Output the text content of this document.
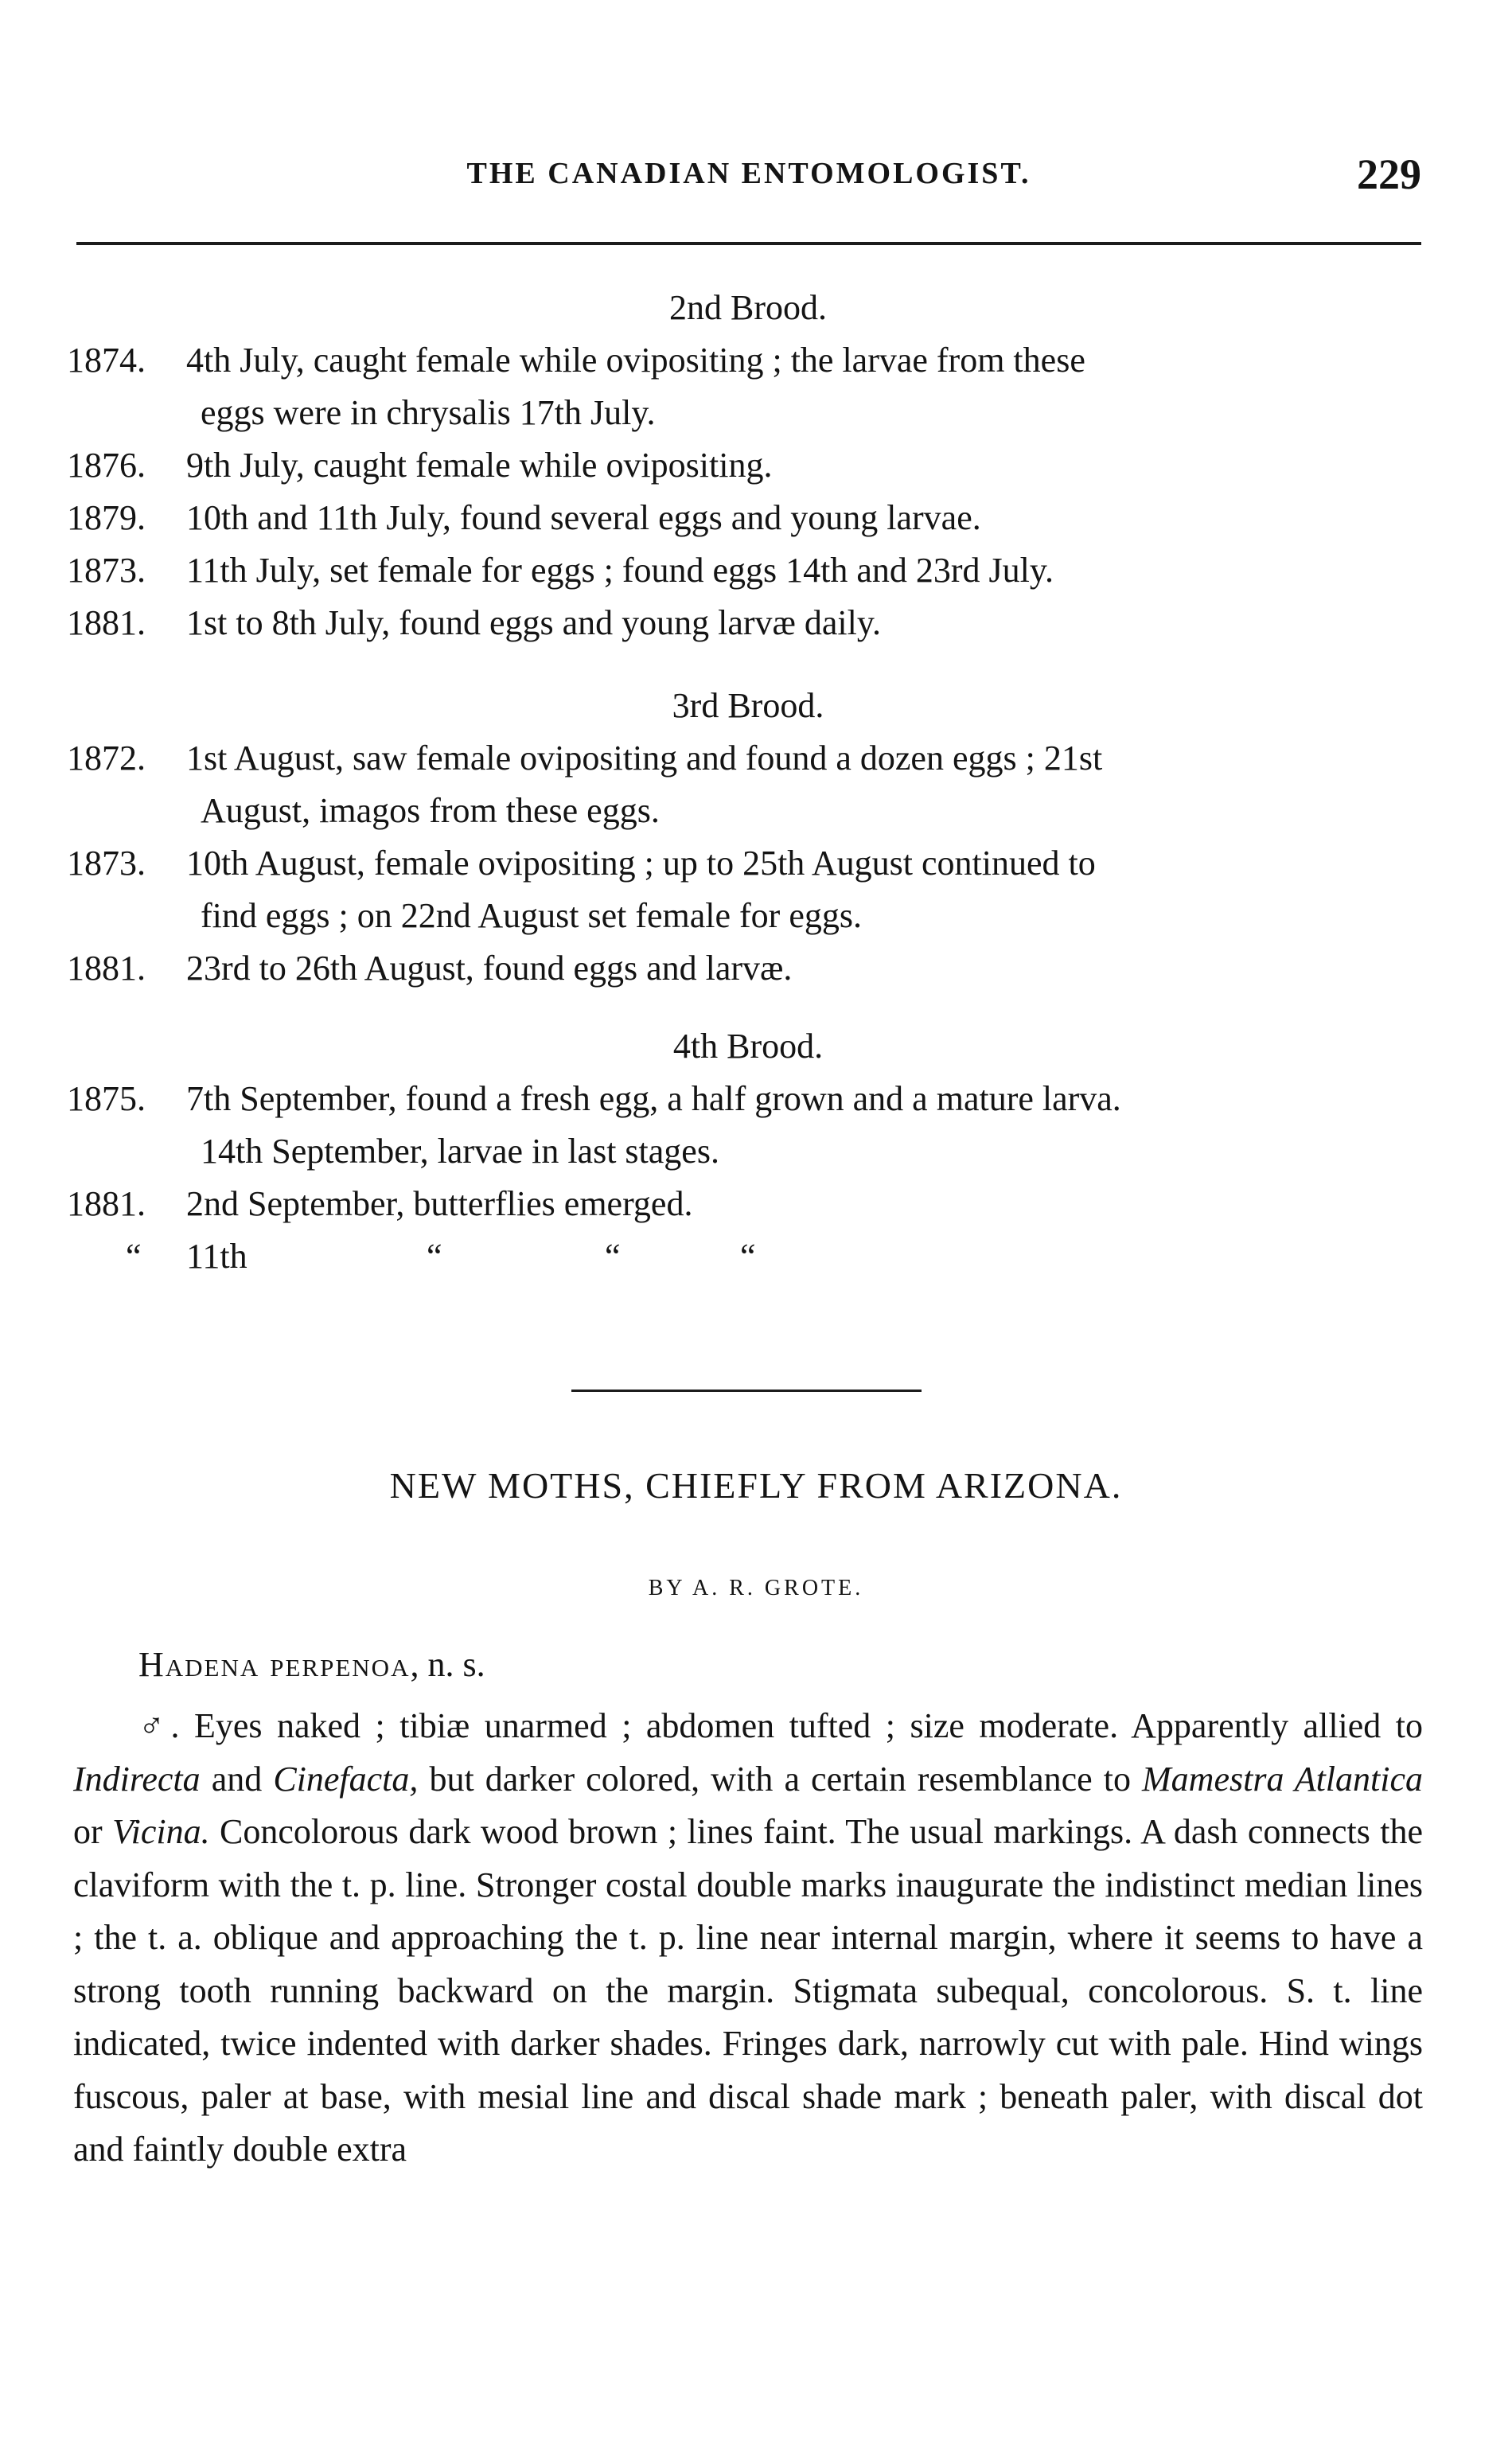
THE CANADIAN ENTOMOLOGIST.	229
2nd Brood.
1874. 4th July, caught female while ovipositing ; the larvae from these
eggs were in chrysalis 17th July.
1876. 9th July, caught female while ovipositing.
1879. 10th and 11th July, found several eggs and young larvae.
1873. 11th July, set female for eggs ; found eggs 14th and 23rd July.
1881. 1st to 8th July, found eggs and young larvæ daily.
3rd Brood.
1872. 1st August, saw female ovipositing and found a dozen eggs ; 21st
August, imagos from these eggs.
1873. 10th August, female ovipositing ; up to 25th August continued to
find eggs ; on 22nd August set female for eggs.
1881. 23rd to 26th August, found eggs and larvæ.
4th Brood.
1875. 7th September, found a fresh egg, a half grown and a mature larva.
14th September, larvae in last stages.
1881. 2nd September, butterflies emerged.
“ 11th	“	“	“
NEW MOTHS, CHIEFLY FROM ARIZONA.
BY A. R. GROTE.
Hadena perpenoa, n. s.
♂. Eyes naked ; tibiæ unarmed ; abdomen tufted ; size moderate. Apparently allied to Indirecta and Cinefacta, but darker colored, with a certain resemblance to Mamestra Atlantica or Vicina. Concolorous dark wood brown ; lines faint. The usual markings. A dash connects the claviform with the t. p. line. Stronger costal double marks inaugurate the indistinct median lines ; the t. a. oblique and approaching the t. p. line near internal margin, where it seems to have a strong tooth running backward on the margin. Stigmata subequal, concolorous. S. t. line indicated, twice indented with darker shades. Fringes dark, narrowly cut with pale. Hind wings fuscous, paler at base, with mesial line and discal shade mark ; beneath paler, with discal dot and faintly double extra
